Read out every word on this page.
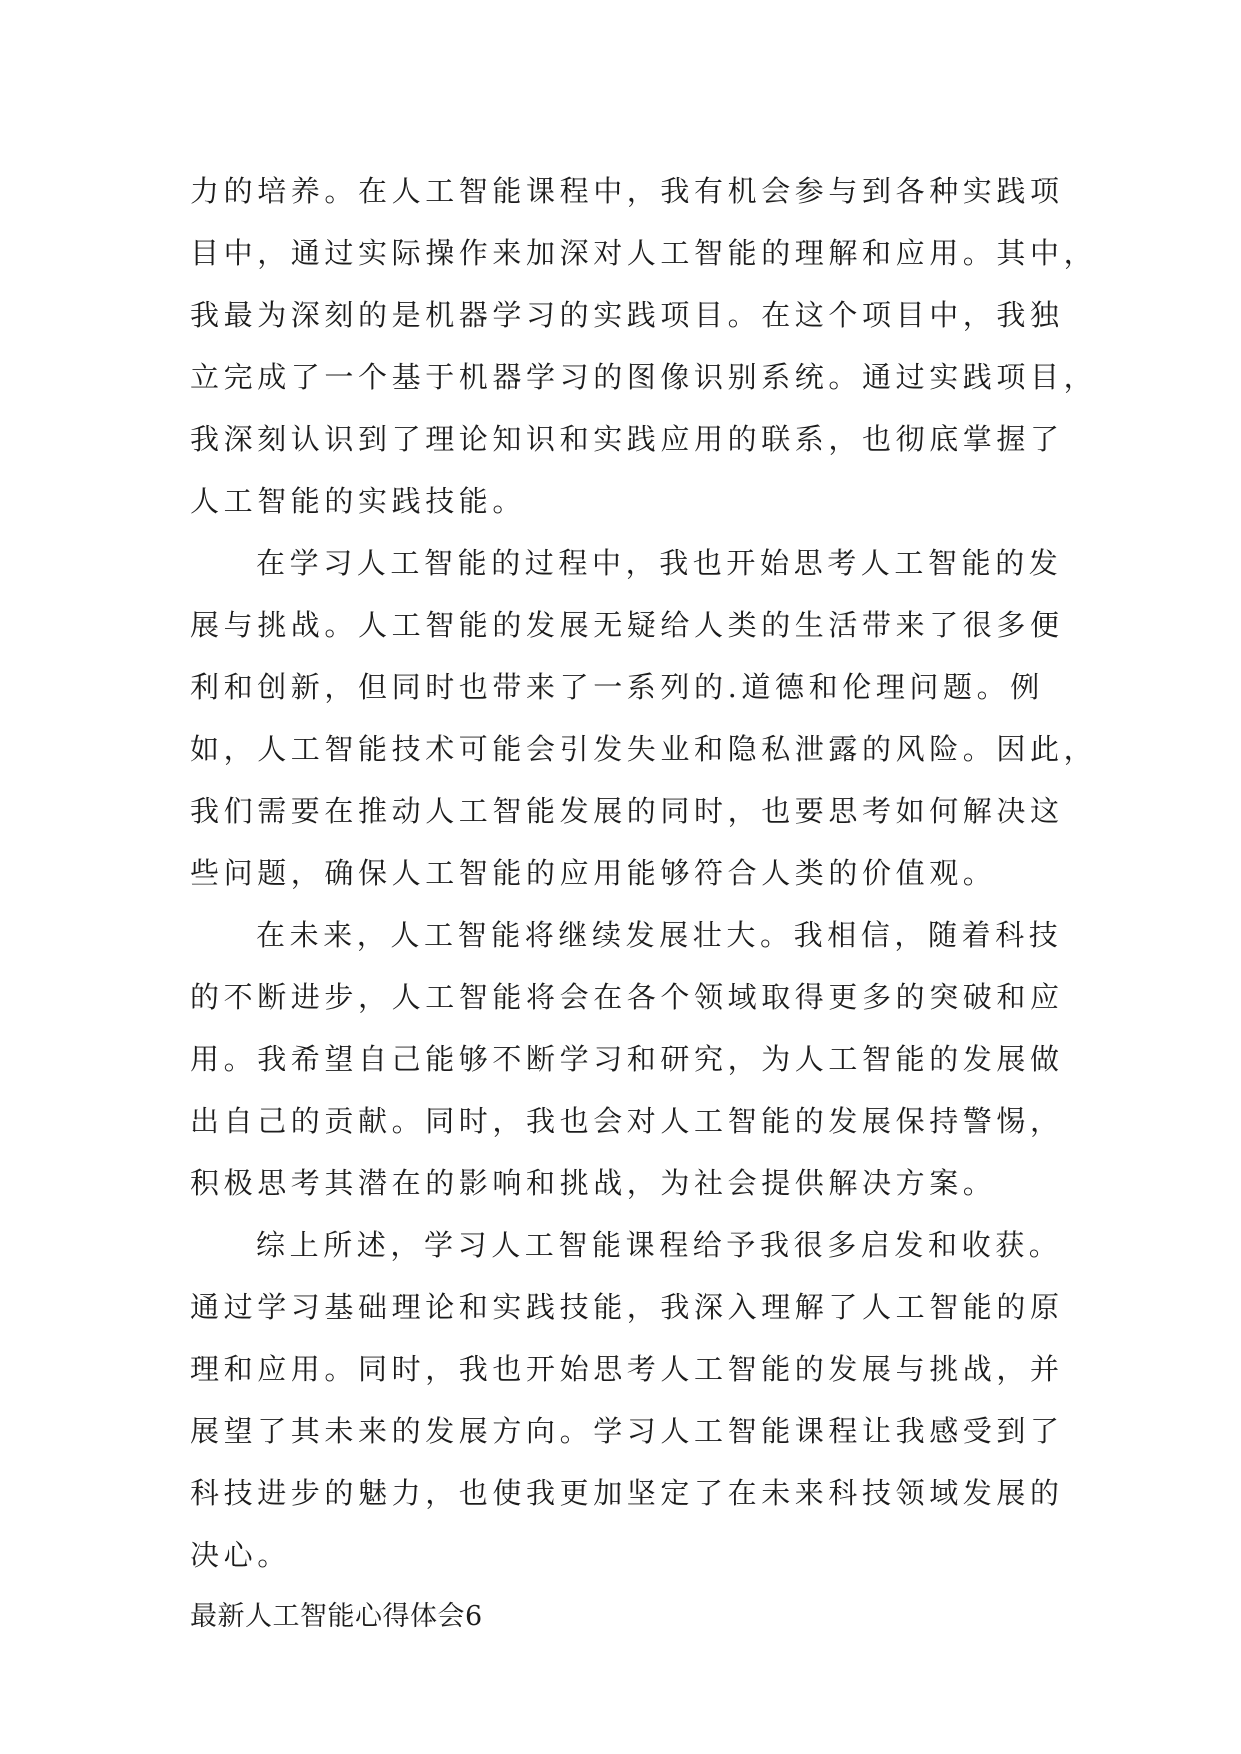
力的培养。在人工智能课程中，我有机会参与到各种实践项
目中，通过实际操作来加深对人工智能的理解和应用。其中，
我最为深刻的是机器学习的实践项目。在这个项目中，我独
立完成了一个基于机器学习的图像识别系统。通过实践项目，
我深刻认识到了理论知识和实践应用的联系，也彻底掌握了
人工智能的实践技能。
在学习人工智能的过程中，我也开始思考人工智能的发
展与挑战。人工智能的发展无疑给人类的生活带来了很多便
利和创新，但同时也带来了一系列的.道德和伦理问题。例
如，人工智能技术可能会引发失业和隐私泄露的风险。因此，
我们需要在推动人工智能发展的同时，也要思考如何解决这
些问题，确保人工智能的应用能够符合人类的价值观。
在未来，人工智能将继续发展壮大。我相信，随着科技
的不断进步，人工智能将会在各个领域取得更多的突破和应
用。我希望自己能够不断学习和研究，为人工智能的发展做
出自己的贡献。同时，我也会对人工智能的发展保持警惕，
积极思考其潜在的影响和挑战，为社会提供解决方案。
综上所述，学习人工智能课程给予我很多启发和收获。
通过学习基础理论和实践技能，我深入理解了人工智能的原
理和应用。同时，我也开始思考人工智能的发展与挑战，并
展望了其未来的发展方向。学习人工智能课程让我感受到了
科技进步的魅力，也使我更加坚定了在未来科技领域发展的
决心。
最新人工智能心得体会6
